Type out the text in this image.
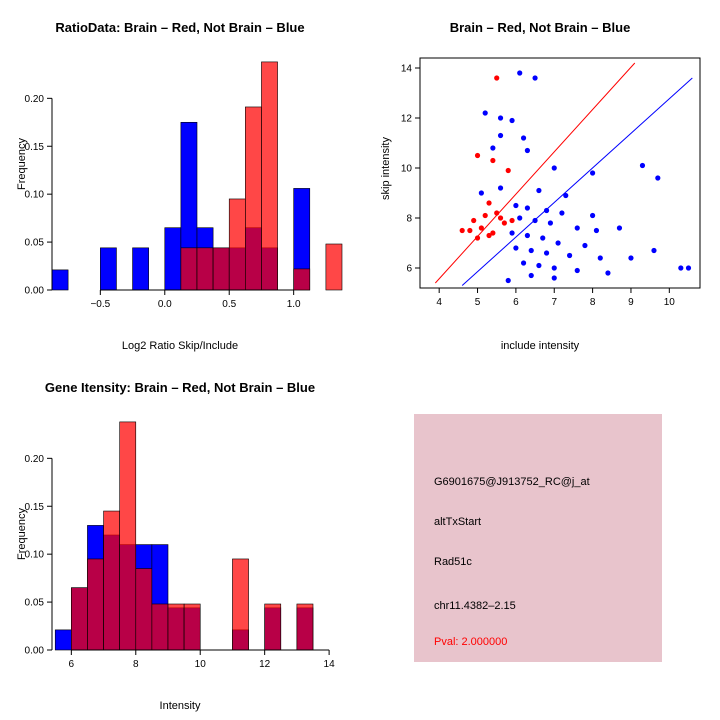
RatioData: Brain – Red, Not Brain – Blue
Frequency
Log2 Ratio Skip/Include
0.00
0.05
0.10
0.15
0.20
−0.5	0.0	0.5	1.0
Brain – Red, Not Brain – Blue
skip intensity
include intensity
6
8
10
12
14
4	5	6	7	8	9	10
Gene Itensity: Brain – Red, Not Brain – Blue
Frequency
Intensity
0.00
0.05
0.10
0.15
0.20
6	8	10	12	14
G6901675@J913752_RC@j_at
altTxStart
Rad51c
chr11.4382–2.15
Pval: 2.000000
